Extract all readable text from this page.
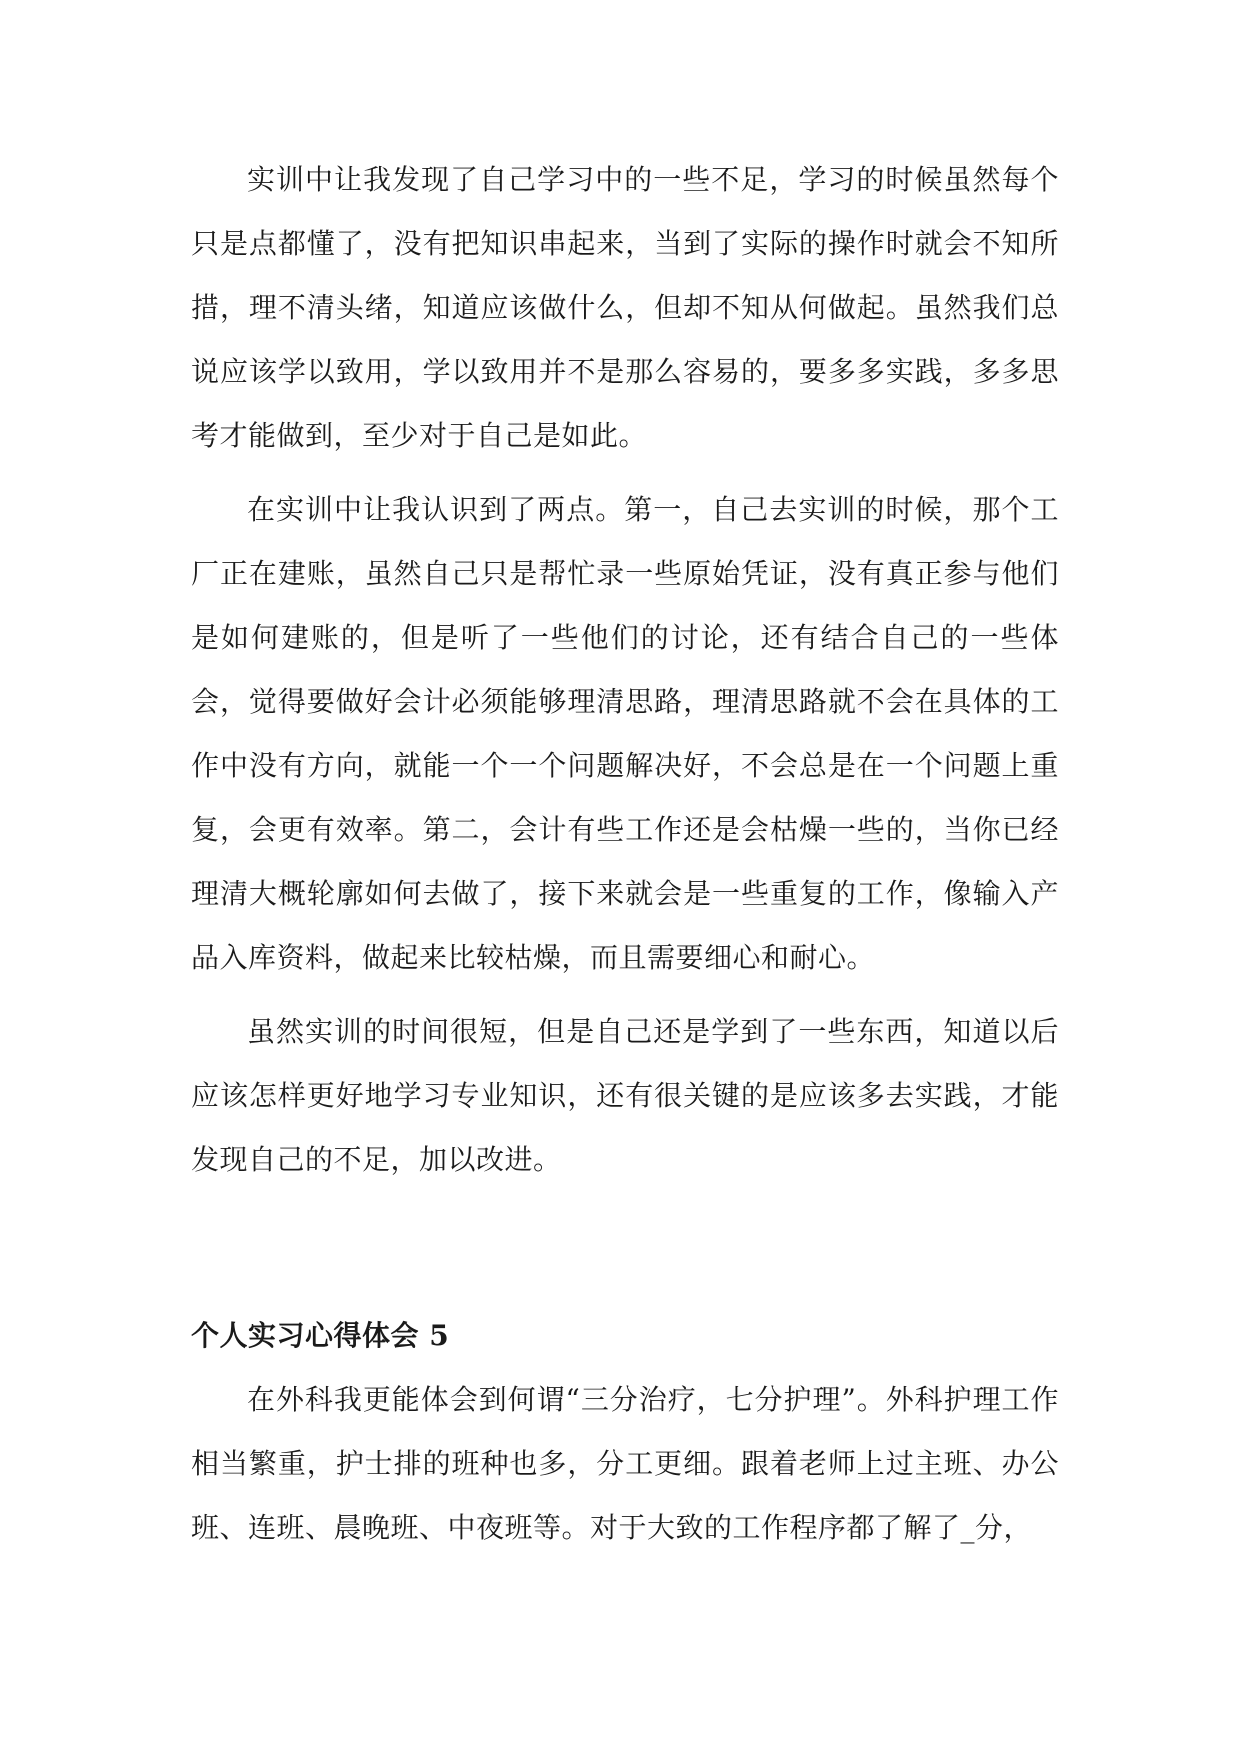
实训中让我发现了自己学习中的一些不足，学习的时候虽然每个只是点都懂了，没有把知识串起来，当到了实际的操作时就会不知所措，理不清头绪，知道应该做什么，但却不知从何做起。虽然我们总说应该学以致用，学以致用并不是那么容易的，要多多实践，多多思考才能做到，至少对于自己是如此。

在实训中让我认识到了两点。第一，自己去实训的时候，那个工厂正在建账，虽然自己只是帮忙录一些原始凭证，没有真正参与他们是如何建账的，但是听了一些他们的讨论，还有结合自己的一些体会，觉得要做好会计必须能够理清思路，理清思路就不会在具体的工作中没有方向，就能一个一个问题解决好，不会总是在一个问题上重复，会更有效率。第二，会计有些工作还是会枯燥一些的，当你已经理清大概轮廓如何去做了，接下来就会是一些重复的工作，像输入产品入库资料，做起来比较枯燥，而且需要细心和耐心。

虽然实训的时间很短，但是自己还是学到了一些东西，知道以后应该怎样更好地学习专业知识，还有很关键的是应该多去实践，才能发现自己的不足，加以改进。

个人实习心得体会 5

在外科我更能体会到何谓“三分治疗，七分护理”。外科护理工作相当繁重，护士排的班种也多，分工更细。跟着老师上过主班、办公班、连班、晨晚班、中夜班等。对于大致的工作程序都了解了_分，
